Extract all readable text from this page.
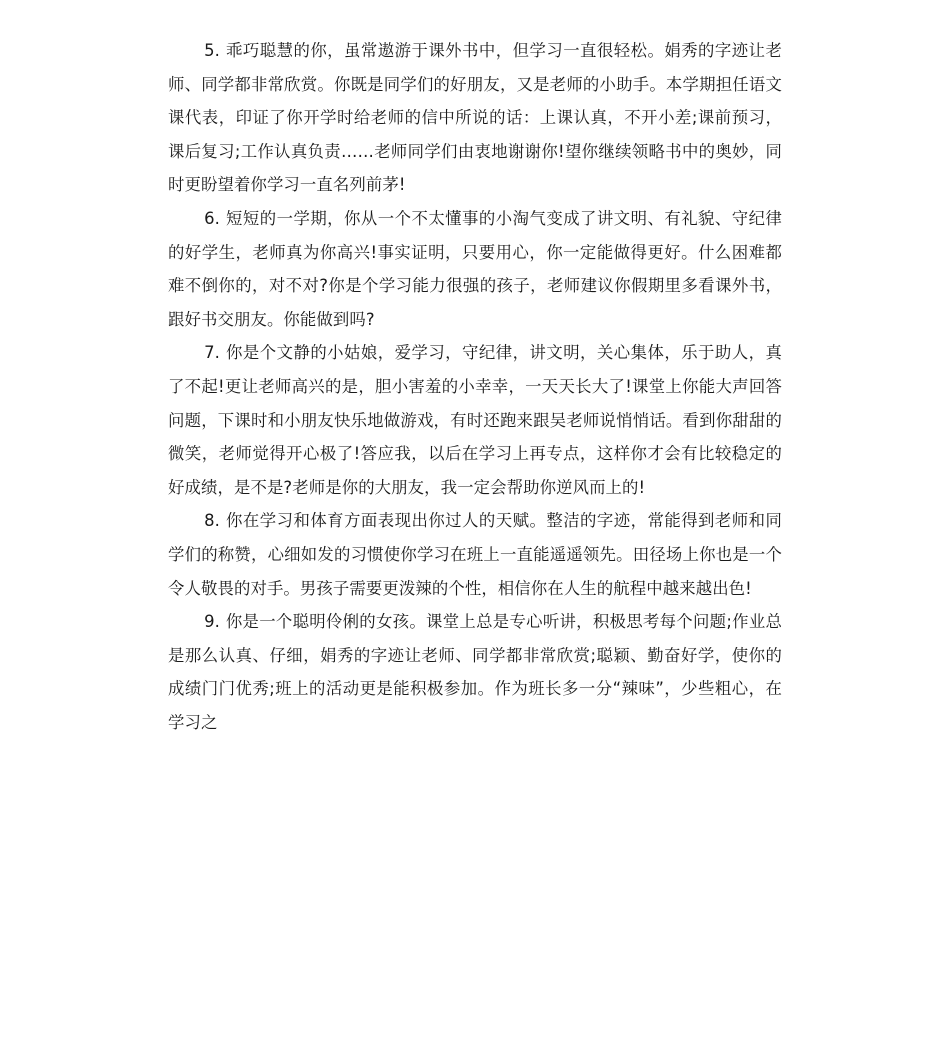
5. 乖巧聪慧的你，虽常遨游于课外书中，但学习一直很轻松。娟秀的字迹让老师、同学都非常欣赏。你既是同学们的好朋友，又是老师的小助手。本学期担任语文课代表，印证了你开学时给老师的信中所说的话：上课认真，不开小差;课前预习，课后复习;工作认真负责……老师同学们由衷地谢谢你!望你继续领略书中的奥妙，同时更盼望着你学习一直名列前茅!

6. 短短的一学期，你从一个不太懂事的小淘气变成了讲文明、有礼貌、守纪律的好学生，老师真为你高兴!事实证明，只要用心，你一定能做得更好。什么困难都难不倒你的，对不对?你是个学习能力很强的孩子，老师建议你假期里多看课外书，跟好书交朋友。你能做到吗?

7. 你是个文静的小姑娘，爱学习，守纪律，讲文明，关心集体，乐于助人，真了不起!更让老师高兴的是，胆小害羞的小幸幸，一天天长大了!课堂上你能大声回答问题，下课时和小朋友快乐地做游戏，有时还跑来跟吴老师说悄悄话。看到你甜甜的微笑，老师觉得开心极了!答应我，以后在学习上再专点，这样你才会有比较稳定的好成绩，是不是?老师是你的大朋友，我一定会帮助你逆风而上的!

8. 你在学习和体育方面表现出你过人的天赋。整洁的字迹，常能得到老师和同学们的称赞，心细如发的习惯使你学习在班上一直能遥遥领先。田径场上你也是一个令人敬畏的对手。男孩子需要更泼辣的个性，相信你在人生的航程中越来越出色!

9. 你是一个聪明伶俐的女孩。课堂上总是专心听讲，积极思考每个问题;作业总是那么认真、仔细，娟秀的字迹让老师、同学都非常欣赏;聪颖、勤奋好学，使你的成绩门门优秀;班上的活动更是能积极参加。作为班长多一分“辣味”，少些粗心，在学习之
